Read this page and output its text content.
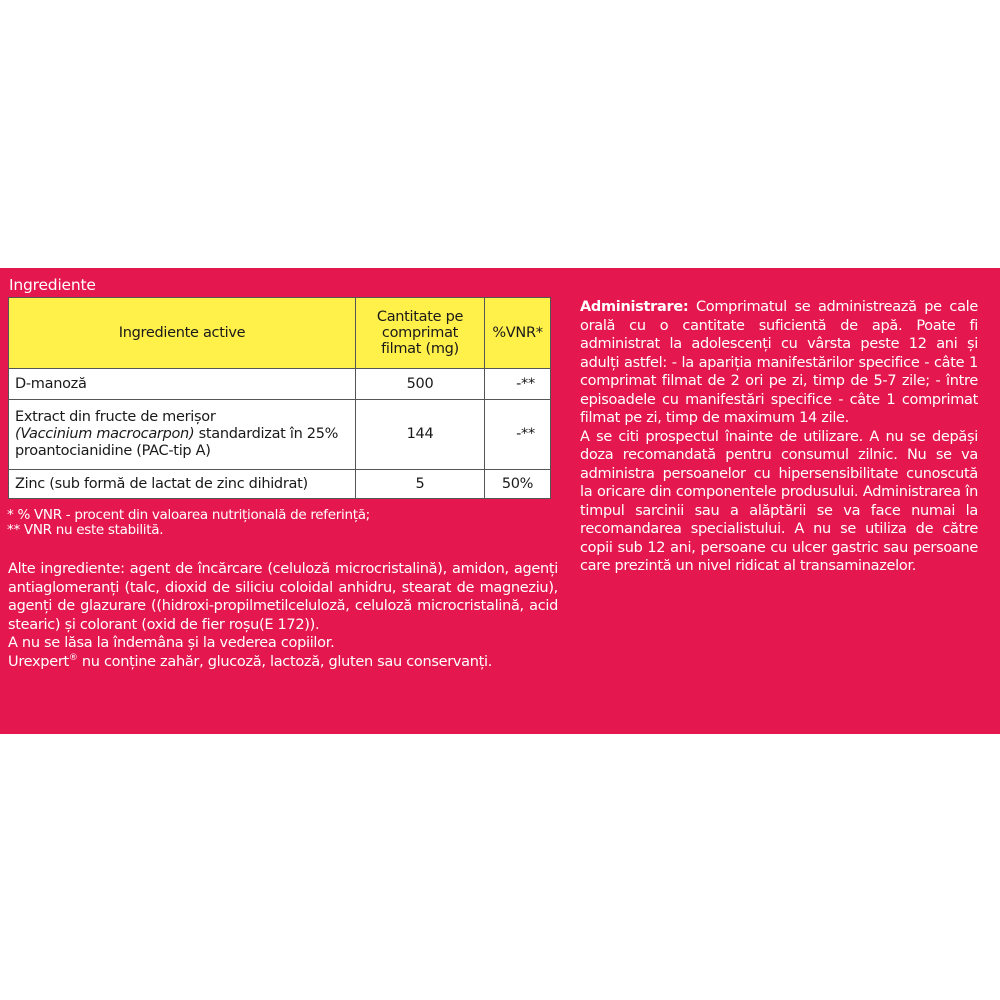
Ingrediente
Ingrediente active	Cantitate pe comprimat filmat (mg)	%VNR*
D-manoză	500	-**
Extract din fructe de merișor
(Vaccinium macrocarpon) standardizat în 25% proantocianidine (PAC-tip A)	144	-**
Zinc (sub formă de lactat de zinc dihidrat)	5	50%
* % VNR - procent din valoarea nutrițională de referință;
** VNR nu este stabilită.

Alte ingrediente: agent de încărcare (celuloză microcristalină), amidon, agenți antiaglomeranți (talc, dioxid de siliciu coloidal anhidru, stearat de magneziu), agenți de glazurare ((hidroxi-propilmetilceluloză, celuloză microcristalină, acid stearic) și colorant (oxid de fier roșu(E 172)).

A nu se lăsa la îndemâna și la vederea copiilor.

Urexpert® nu conține zahăr, glucoză, lactoză, gluten sau conservanți.

Administrare: Comprimatul se administrează pe cale orală cu o cantitate suficientă de apă. Poate fi administrat la adolescenți cu vârsta peste 12 ani și adulți astfel: - la apariția manifestărilor specifice - câte 1 comprimat filmat de 2 ori pe zi, timp de 5-7 zile; - între episoadele cu manifestări specifice - câte 1 comprimat filmat pe zi, timp de maximum 14 zile.

A se citi prospectul înainte de utilizare. A nu se depăși doza recomandată pentru consumul zilnic. Nu se va administra persoanelor cu hipersensibilitate cunoscută la oricare din componentele produsului. Administrarea în timpul sarcinii sau a alăptării se va face numai la recomandarea specialistului. A nu se utiliza de către copii sub 12 ani, persoane cu ulcer gastric sau persoane care prezintă un nivel ridicat al transaminazelor.
